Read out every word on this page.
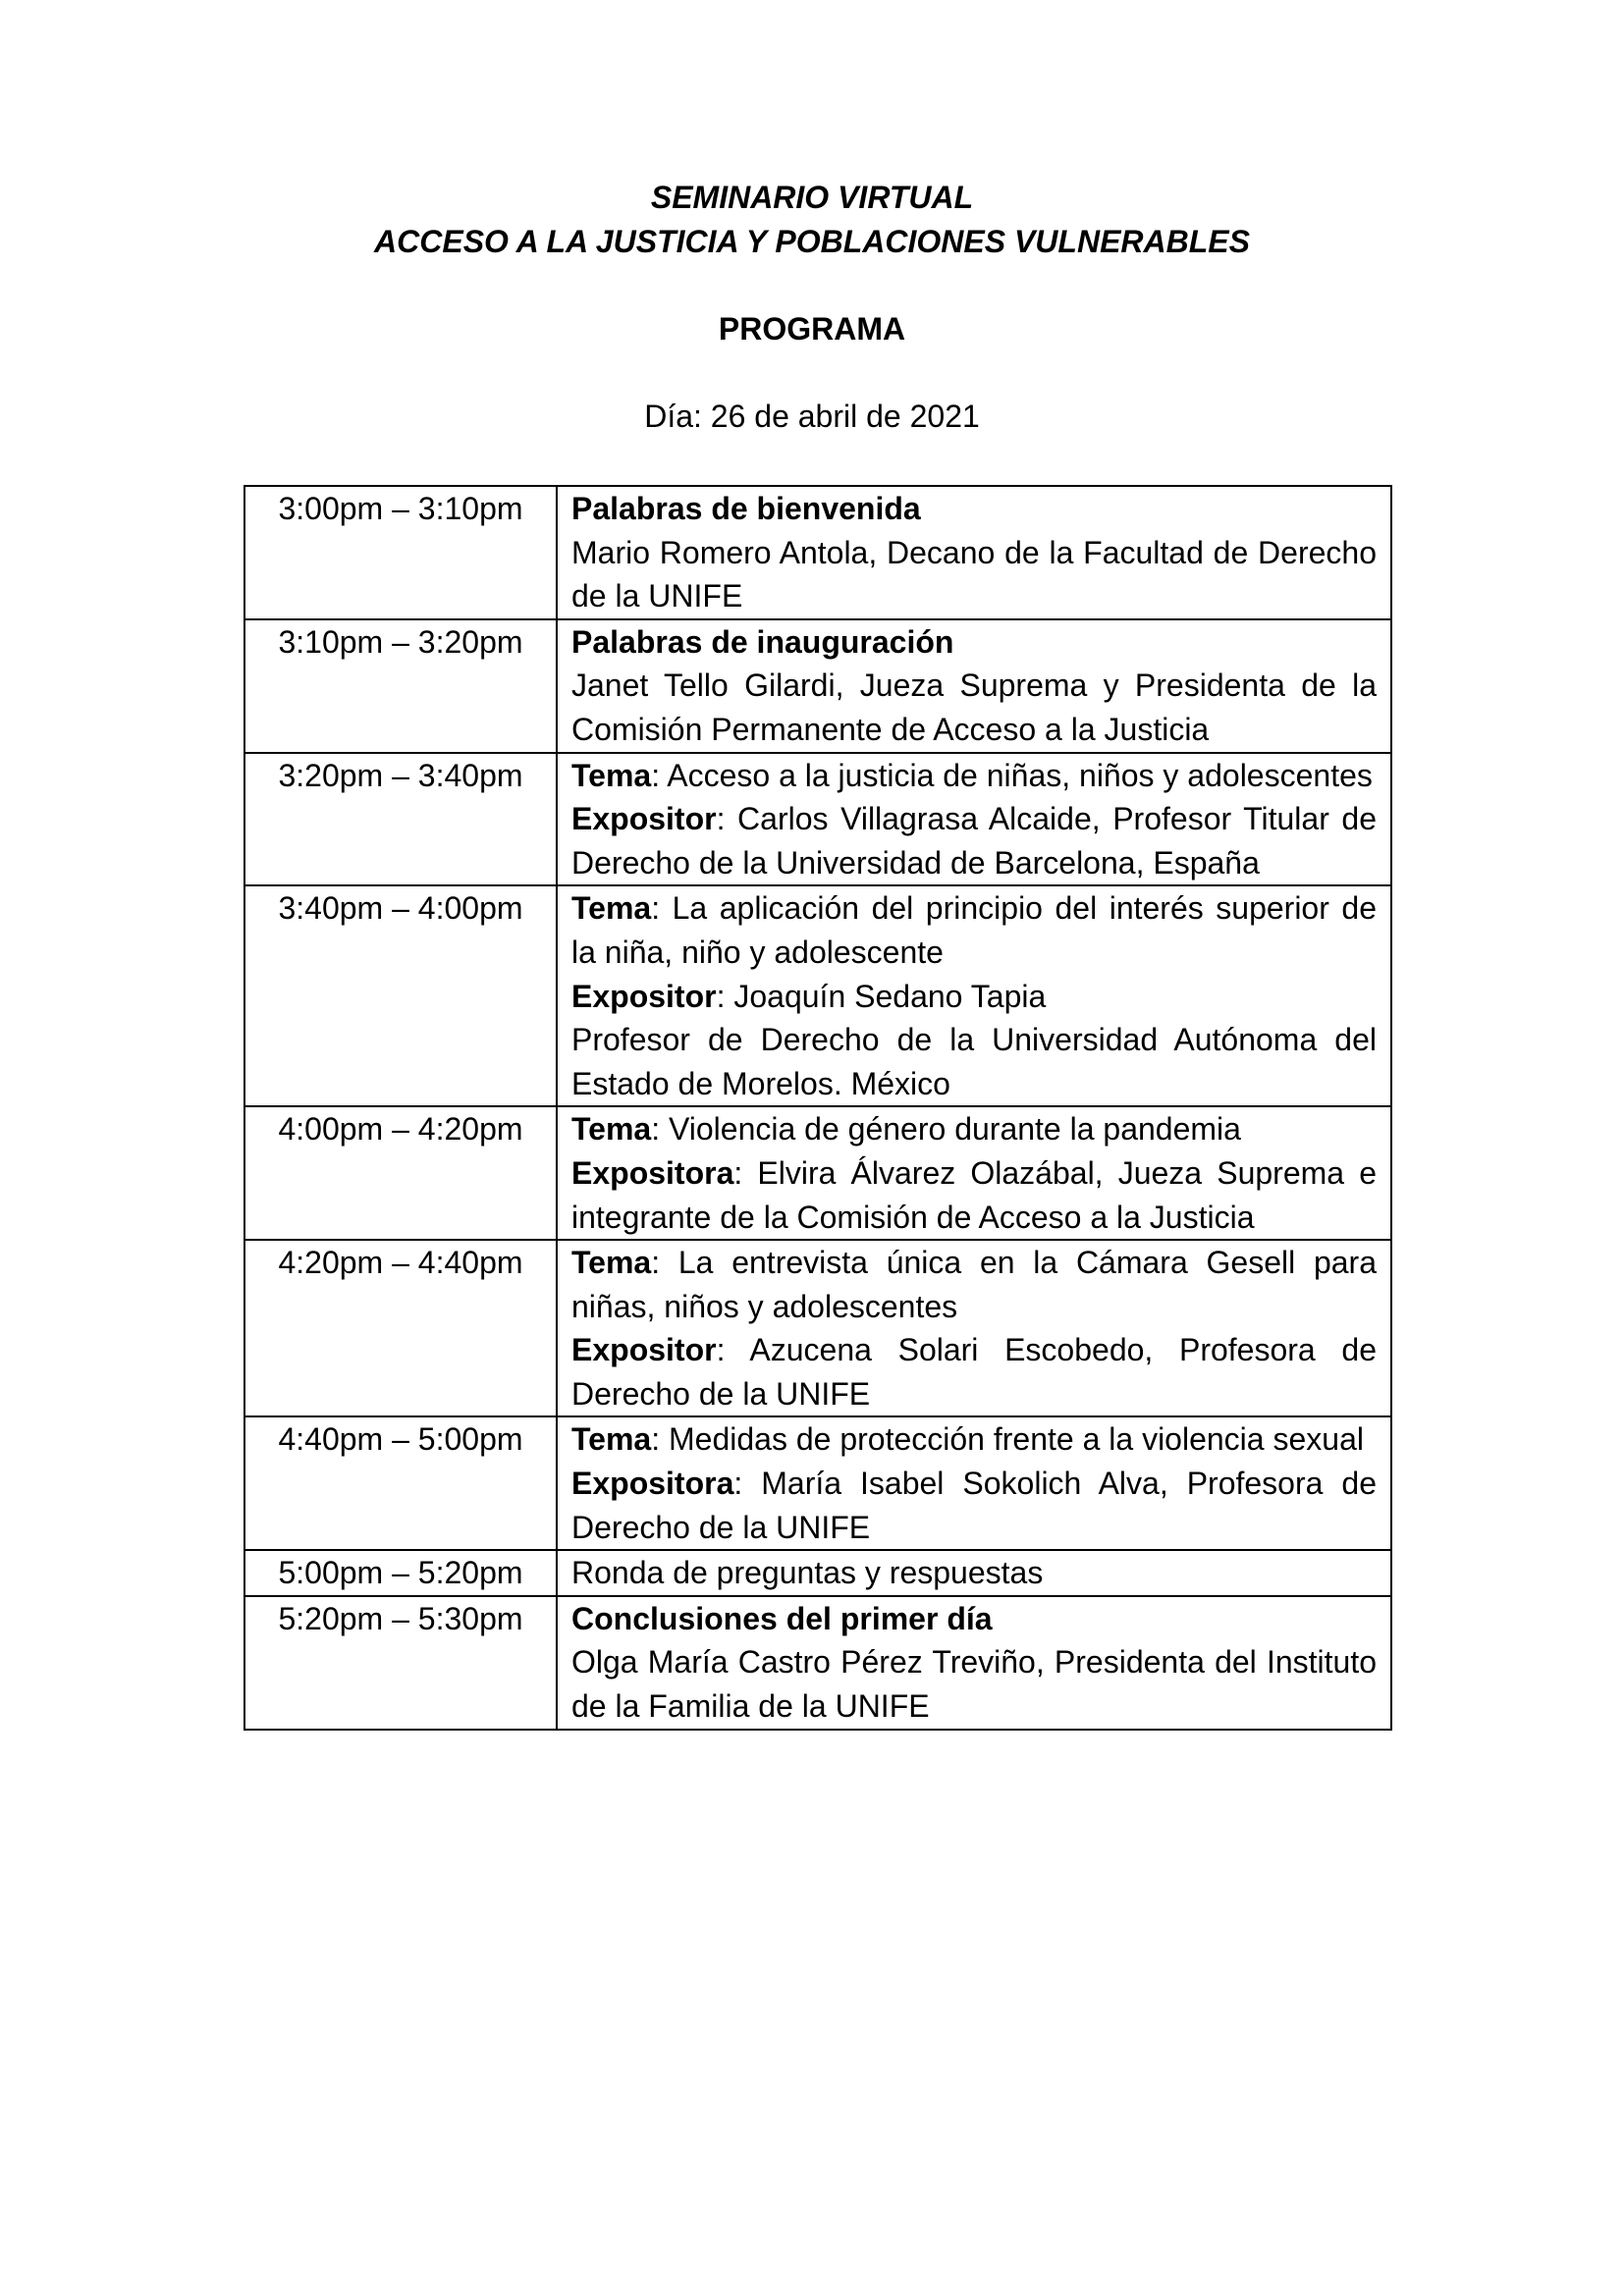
SEMINARIO VIRTUAL
ACCESO A LA JUSTICIA Y POBLACIONES VULNERABLES
PROGRAMA
Día: 26 de abril de 2021
3:00pm – 3:10pm	Palabras de bienvenida
Mario Romero Antola, Decano de la Facultad de Derecho de la UNIFE

3:10pm – 3:20pm	Palabras de inauguración
Janet Tello Gilardi, Jueza Suprema y Presidenta de la Comisión Permanente de Acceso a la Justicia

3:20pm – 3:40pm	Tema: Acceso a la justicia de niñas, niños y adolescentes
Expositor: Carlos Villagrasa Alcaide, Profesor Titular de Derecho de la Universidad de Barcelona, España

3:40pm – 4:00pm	Tema: La aplicación del principio del interés superior de la niña, niño y adolescente
Expositor: Joaquín Sedano Tapia
Profesor de Derecho de la Universidad Autónoma del Estado de Morelos. México

4:00pm – 4:20pm	Tema: Violencia de género durante la pandemia
Expositora: Elvira Álvarez Olazábal, Jueza Suprema e integrante de la Comisión de Acceso a la Justicia

4:20pm – 4:40pm	Tema: La entrevista única en la Cámara Gesell para niñas, niños y adolescentes
Expositor: Azucena Solari Escobedo, Profesora de Derecho de la UNIFE

4:40pm – 5:00pm	Tema: Medidas de protección frente a la violencia sexual
Expositora: María Isabel Sokolich Alva, Profesora de Derecho de la UNIFE

5:00pm – 5:20pm	Ronda de preguntas y respuestas

5:20pm – 5:30pm	Conclusiones del primer día
Olga María Castro Pérez Treviño, Presidenta del Instituto de la Familia de la UNIFE
